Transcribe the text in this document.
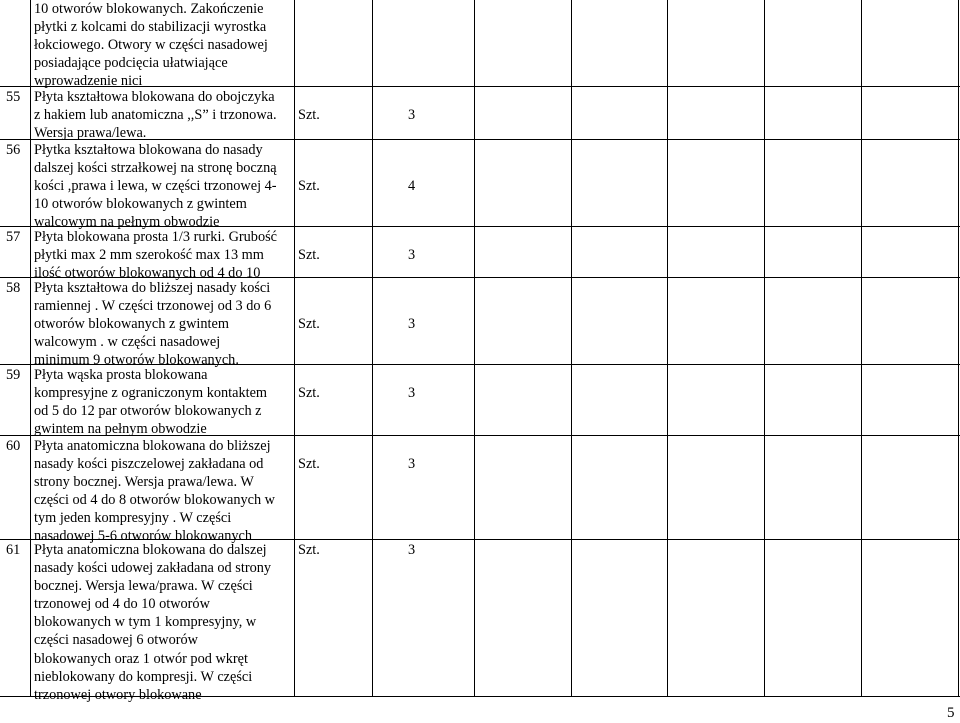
10 otworów blokowanych. Zakończenie
płytki z kolcami do stabilizacji wyrostka
łokciowego. Otwory w części nasadowej
posiadające podcięcia ułatwiające
wprowadzenie nici
55 Płyta kształtowa blokowana do obojczyka
z hakiem lub anatomiczna ,,S” i trzonowa.
Wersja prawa/lewa.
Szt.	3
56 Płytka kształtowa blokowana do nasady
dalszej kości strzałkowej na stronę boczną
kości ,prawa i lewa, w części trzonowej 4-
10 otworów blokowanych z gwintem
walcowym na pełnym obwodzie
Szt.	4
57 Płyta blokowana prosta 1/3 rurki. Grubość
płytki max 2 mm szerokość max 13 mm
ilość otworów blokowanych od 4 do 10
Szt.	3
58 Płyta kształtowa do bliższej nasady kości
ramiennej . W części trzonowej od 3 do 6
otworów blokowanych z gwintem
walcowym . w części nasadowej
minimum 9 otworów blokowanych.
Szt.	3
59 Płyta wąska prosta blokowana
kompresyjne z ograniczonym kontaktem
od 5 do 12 par otworów blokowanych z
gwintem na pełnym obwodzie
Szt.	3
60 Płyta anatomiczna blokowana do bliższej
nasady kości piszczelowej zakładana od
strony bocznej. Wersja prawa/lewa. W
części od 4 do 8 otworów blokowanych w
tym jeden kompresyjny . W części
nasadowej 5-6 otworów blokowanych
Szt.	3
61 Płyta anatomiczna blokowana do dalszej
nasady kości udowej zakładana od strony
bocznej. Wersja lewa/prawa. W części
trzonowej od 4 do 10 otworów
blokowanych w tym 1 kompresyjny, w
części nasadowej 6 otworów
blokowanych oraz 1 otwór pod wkręt
nieblokowany do kompresji. W części
trzonowej otwory blokowane
Szt.	3
5
